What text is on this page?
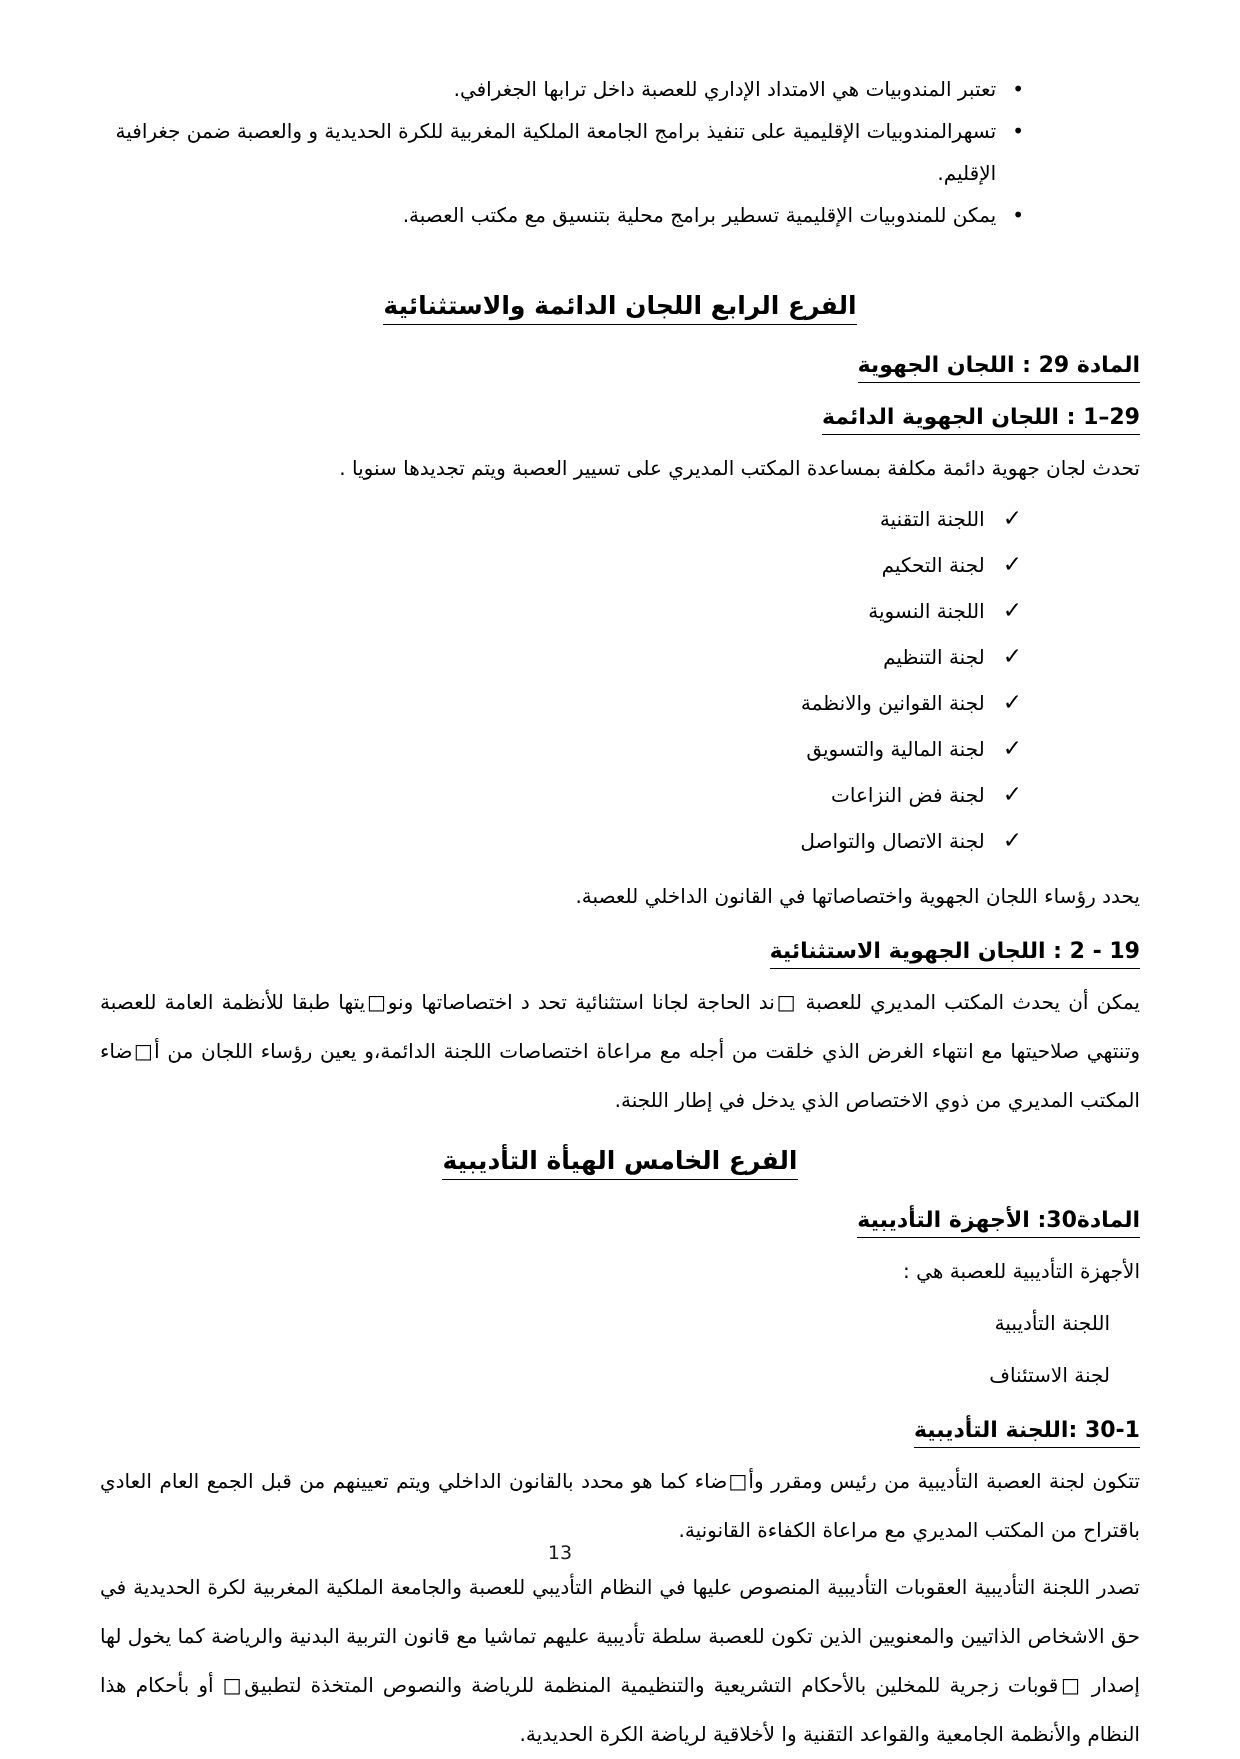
•
تعتبر المندوبيات هي الامتداد الإداري للعصبة داخل ترابها الجغرافي.
•
تسهرالمندوبيات الإقليمية على تنفيذ برامج الجامعة الملكية المغربية للكرة الحديدية و والعصبة ضمن جغرافية الإقليم.
•
يمكن للمندوبيات الإقليمية تسطير برامج محلية بتنسيق مع مكتب العصبة.
الفرع الرابع اللجان الدائمة والاستثنائية
المادة 29 : اللجان الجهوية
29–1 : اللجان الجهوية الدائمة

تحدث لجان جهوية دائمة مكلفة بمساعدة المكتب المديري على تسيير العصبة ويتم تجديدها سنويا .

✓
اللجنة التقنية
✓
لجنة التحكيم
✓
اللجنة النسوية
✓
لجنة التنظيم
✓
لجنة القوانين والانظمة
✓
لجنة المالية والتسويق
✓
لجنة فض النزاعات
✓
لجنة الاتصال والتواصل

يحدد رؤساء اللجان الجهوية واختصاصاتها في القانون الداخلي للعصبة.

19 - 2 : اللجان الجهوية الاستثنائية

يمكن أن يحدث المكتب المديري للعصبة □ند الحاجة لجانا استثنائية تحد د اختصاصاتها ونو□يتها طبقا للأنظمة العامة للعصبة وتنتهي صلاحيتها مع انتهاء الغرض الذي خلقت من أجله مع مراعاة اختصاصات اللجنة الدائمة،و يعين رؤساء اللجان من أ□ضاء المكتب المديري من ذوي الاختصاص الذي يدخل في إطار اللجنة.

الفرع الخامس الهيأة التأديبية
المادة30: الأجهزة التأديبية

الأجهزة التأديبية للعصبة هي :

اللجنة التأديبية

لجنة الاستئناف

30-1 :اللجنة التأديبية

تتكون لجنة العصبة التأديبية من رئيس ومقرر وأ□ضاء كما هو محدد بالقانون الداخلي ويتم تعيينهم من قبل الجمع العام العادي باقتراح من المكتب المديري مع مراعاة الكفاءة القانونية.

تصدر اللجنة التأديبية العقوبات التأديبية المنصوص عليها في النظام التأديبي للعصبة والجامعة الملكية المغربية لكرة الحديدية في حق الاشخاص الذاتيين والمعنويين الذين تكون للعصبة سلطة تأديبية عليهم تماشيا مع قانون التربية البدنية والرياضة كما يخول لها إصدار □قوبات زجرية للمخلين بالأحكام التشريعية والتنظيمية المنظمة للرياضة والنصوص المتخذة لتطبيق□ أو بأحكام هذا النظام والأنظمة الجامعية والقواعد التقنية وا لأخلاقية لرياضة الكرة الحديدية.

13
